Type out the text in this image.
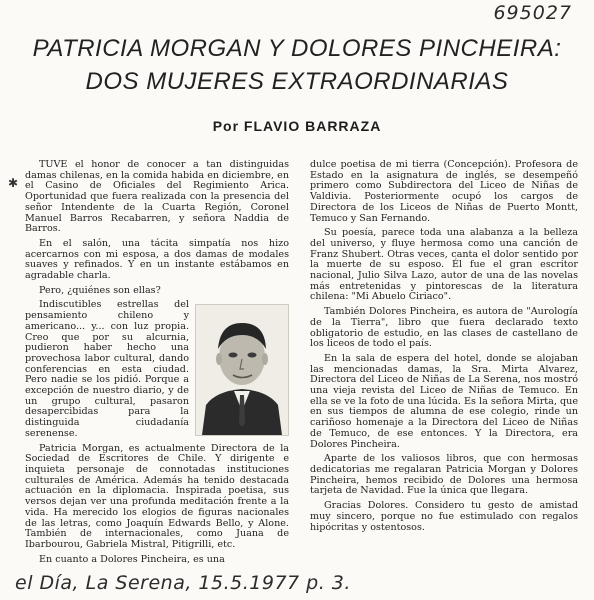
695027
PATRICIA MORGAN Y DOLORES PINCHEIRA:
DOS MUJERES EXTRAORDINARIAS
Por FLAVIO BARRAZA
✱

TUVE el honor de conocer a tan distinguidas damas chilenas, en la comida habida en diciembre, en el Casino de Oficiales del Regimiento Arica. Oportunidad que fuera realizada con la presencia del señor Intendente de la Cuarta Región, Coronel Manuel Barros Recabarren, y señora Naddia de Barros.

En el salón, una tácita simpatía nos hizo acercarnos con mi esposa, a dos damas de modales suaves y refinados. Y en un instante estábamos en agradable charla.

Pero, ¿quiénes son ellas?

Indiscutibles estrellas del pensamiento chileno y americano... y... con luz propia. Creo que por su alcurnia, pudieron haber hecho una provechosa labor cultural, dando conferencias en esta ciudad. Pero nadie se los pidió. Porque a excepción de nuestro diario, y de un grupo cultural, pasaron desapercibidas para la distinguida ciudadanía serenense.

Patricia Morgan, es actualmente Directora de la Sociedad de Escritores de Chile. Y dirigente e inquieta personaje de connotadas instituciones culturales de América. Además ha tenido destacada actuación en la diplomacia. Inspirada poetisa, sus versos dejan ver una profunda meditación frente a la vida. Ha merecido los elogios de figuras nacionales de las letras, como Joaquín Edwards Bello, y Alone. También de internacionales, como Juana de Ibarbourou, Gabriela Mistral, Pitigrilli, etc.

En cuanto a Dolores Pincheira, es una

dulce poetisa de mi tierra (Concepción). Profesora de Estado en la asignatura de inglés, se desempeñó primero como Subdirectora del Liceo de Niñas de Valdivia. Posteriormente ocupó los cargos de Directora de los Liceos de Niñas de Puerto Montt, Temuco y San Fernando.

Su poesía, parece toda una alabanza a la belleza del universo, y fluye hermosa como una canción de Franz Shubert. Otras veces, canta el dolor sentido por la muerte de su esposo. Él fue el gran escritor nacional, Julio Silva Lazo, autor de una de las novelas más entretenidas y pintorescas de la literatura chilena: "Mi Abuelo Ciriaco".

También Dolores Pincheira, es autora de "Aurología de la Tierra", libro que fuera declarado texto obligatorio de estudio, en las clases de castellano de los liceos de todo el país.

En la sala de espera del hotel, donde se alojaban las mencionadas damas, la Sra. Mirta Alvarez, Directora del Liceo de Niñas de La Serena, nos mostró una vieja revista del Liceo de Niñas de Temuco. En ella se ve la foto de una lúcida. Es la señora Mirta, que en sus tiempos de alumna de ese colegio, rinde un cariñoso homenaje a la Directora del Liceo de Niñas de Temuco, de ese entonces. Y la Directora, era Dolores Pincheira.

Aparte de los valiosos libros, que con hermosas dedicatorias me regalaran Patricia Morgan y Dolores Pincheira, hemos recibido de Dolores una hermosa tarjeta de Navidad. Fue la única que llegara.

Gracias Dolores. Considero tu gesto de amistad muy sincero, porque no fue estimulado con regalos hipócritas y ostentosos.

el Día, La Serena, 15.5.1977 p. 3.
